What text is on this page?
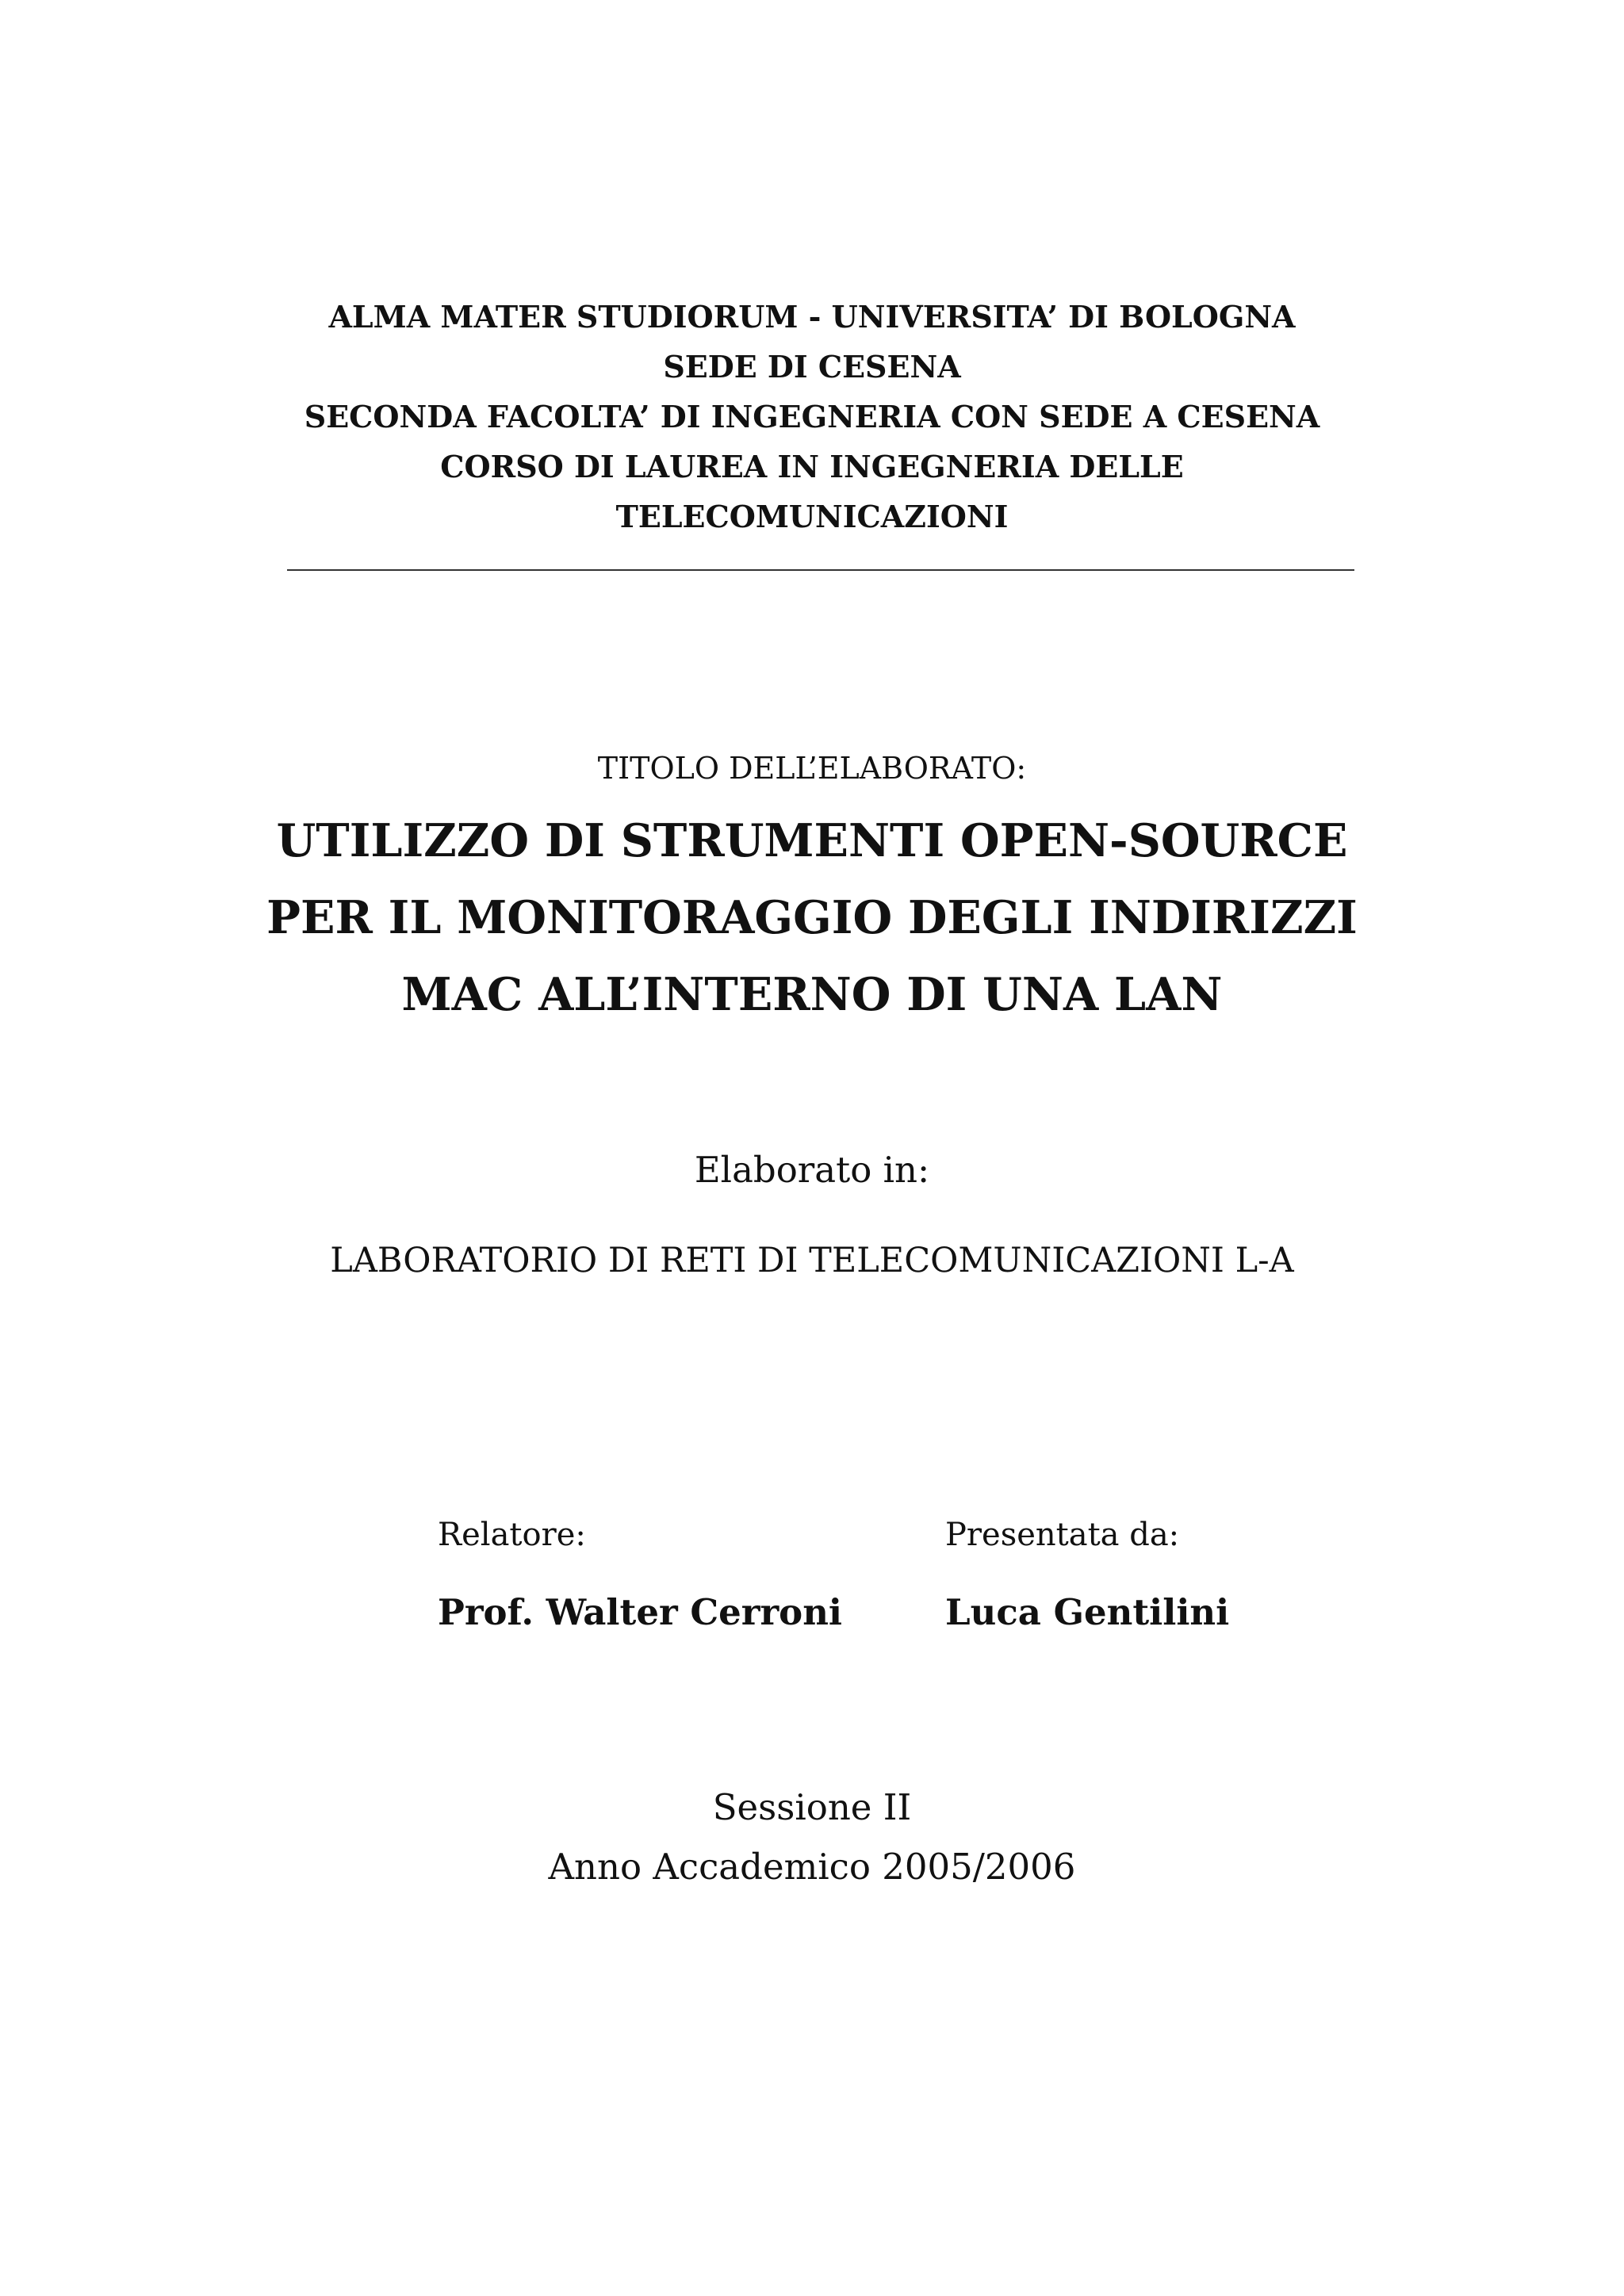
ALMA MATER STUDIORUM - UNIVERSITA’ DI BOLOGNA
SEDE DI CESENA
SECONDA FACOLTA’ DI INGEGNERIA CON SEDE A CESENA
CORSO DI LAUREA IN INGEGNERIA DELLE
TELECOMUNICAZIONI
TITOLO DELL’ELABORATO:
UTILIZZO DI STRUMENTI OPEN-SOURCE
PER IL MONITORAGGIO DEGLI INDIRIZZI
MAC ALL’INTERNO DI UNA LAN
Elaborato in:
LABORATORIO DI RETI DI TELECOMUNICAZIONI L-A
Relatore:
Prof. Walter Cerroni
Presentata da:
Luca Gentilini
Sessione II
Anno Accademico 2005/2006
